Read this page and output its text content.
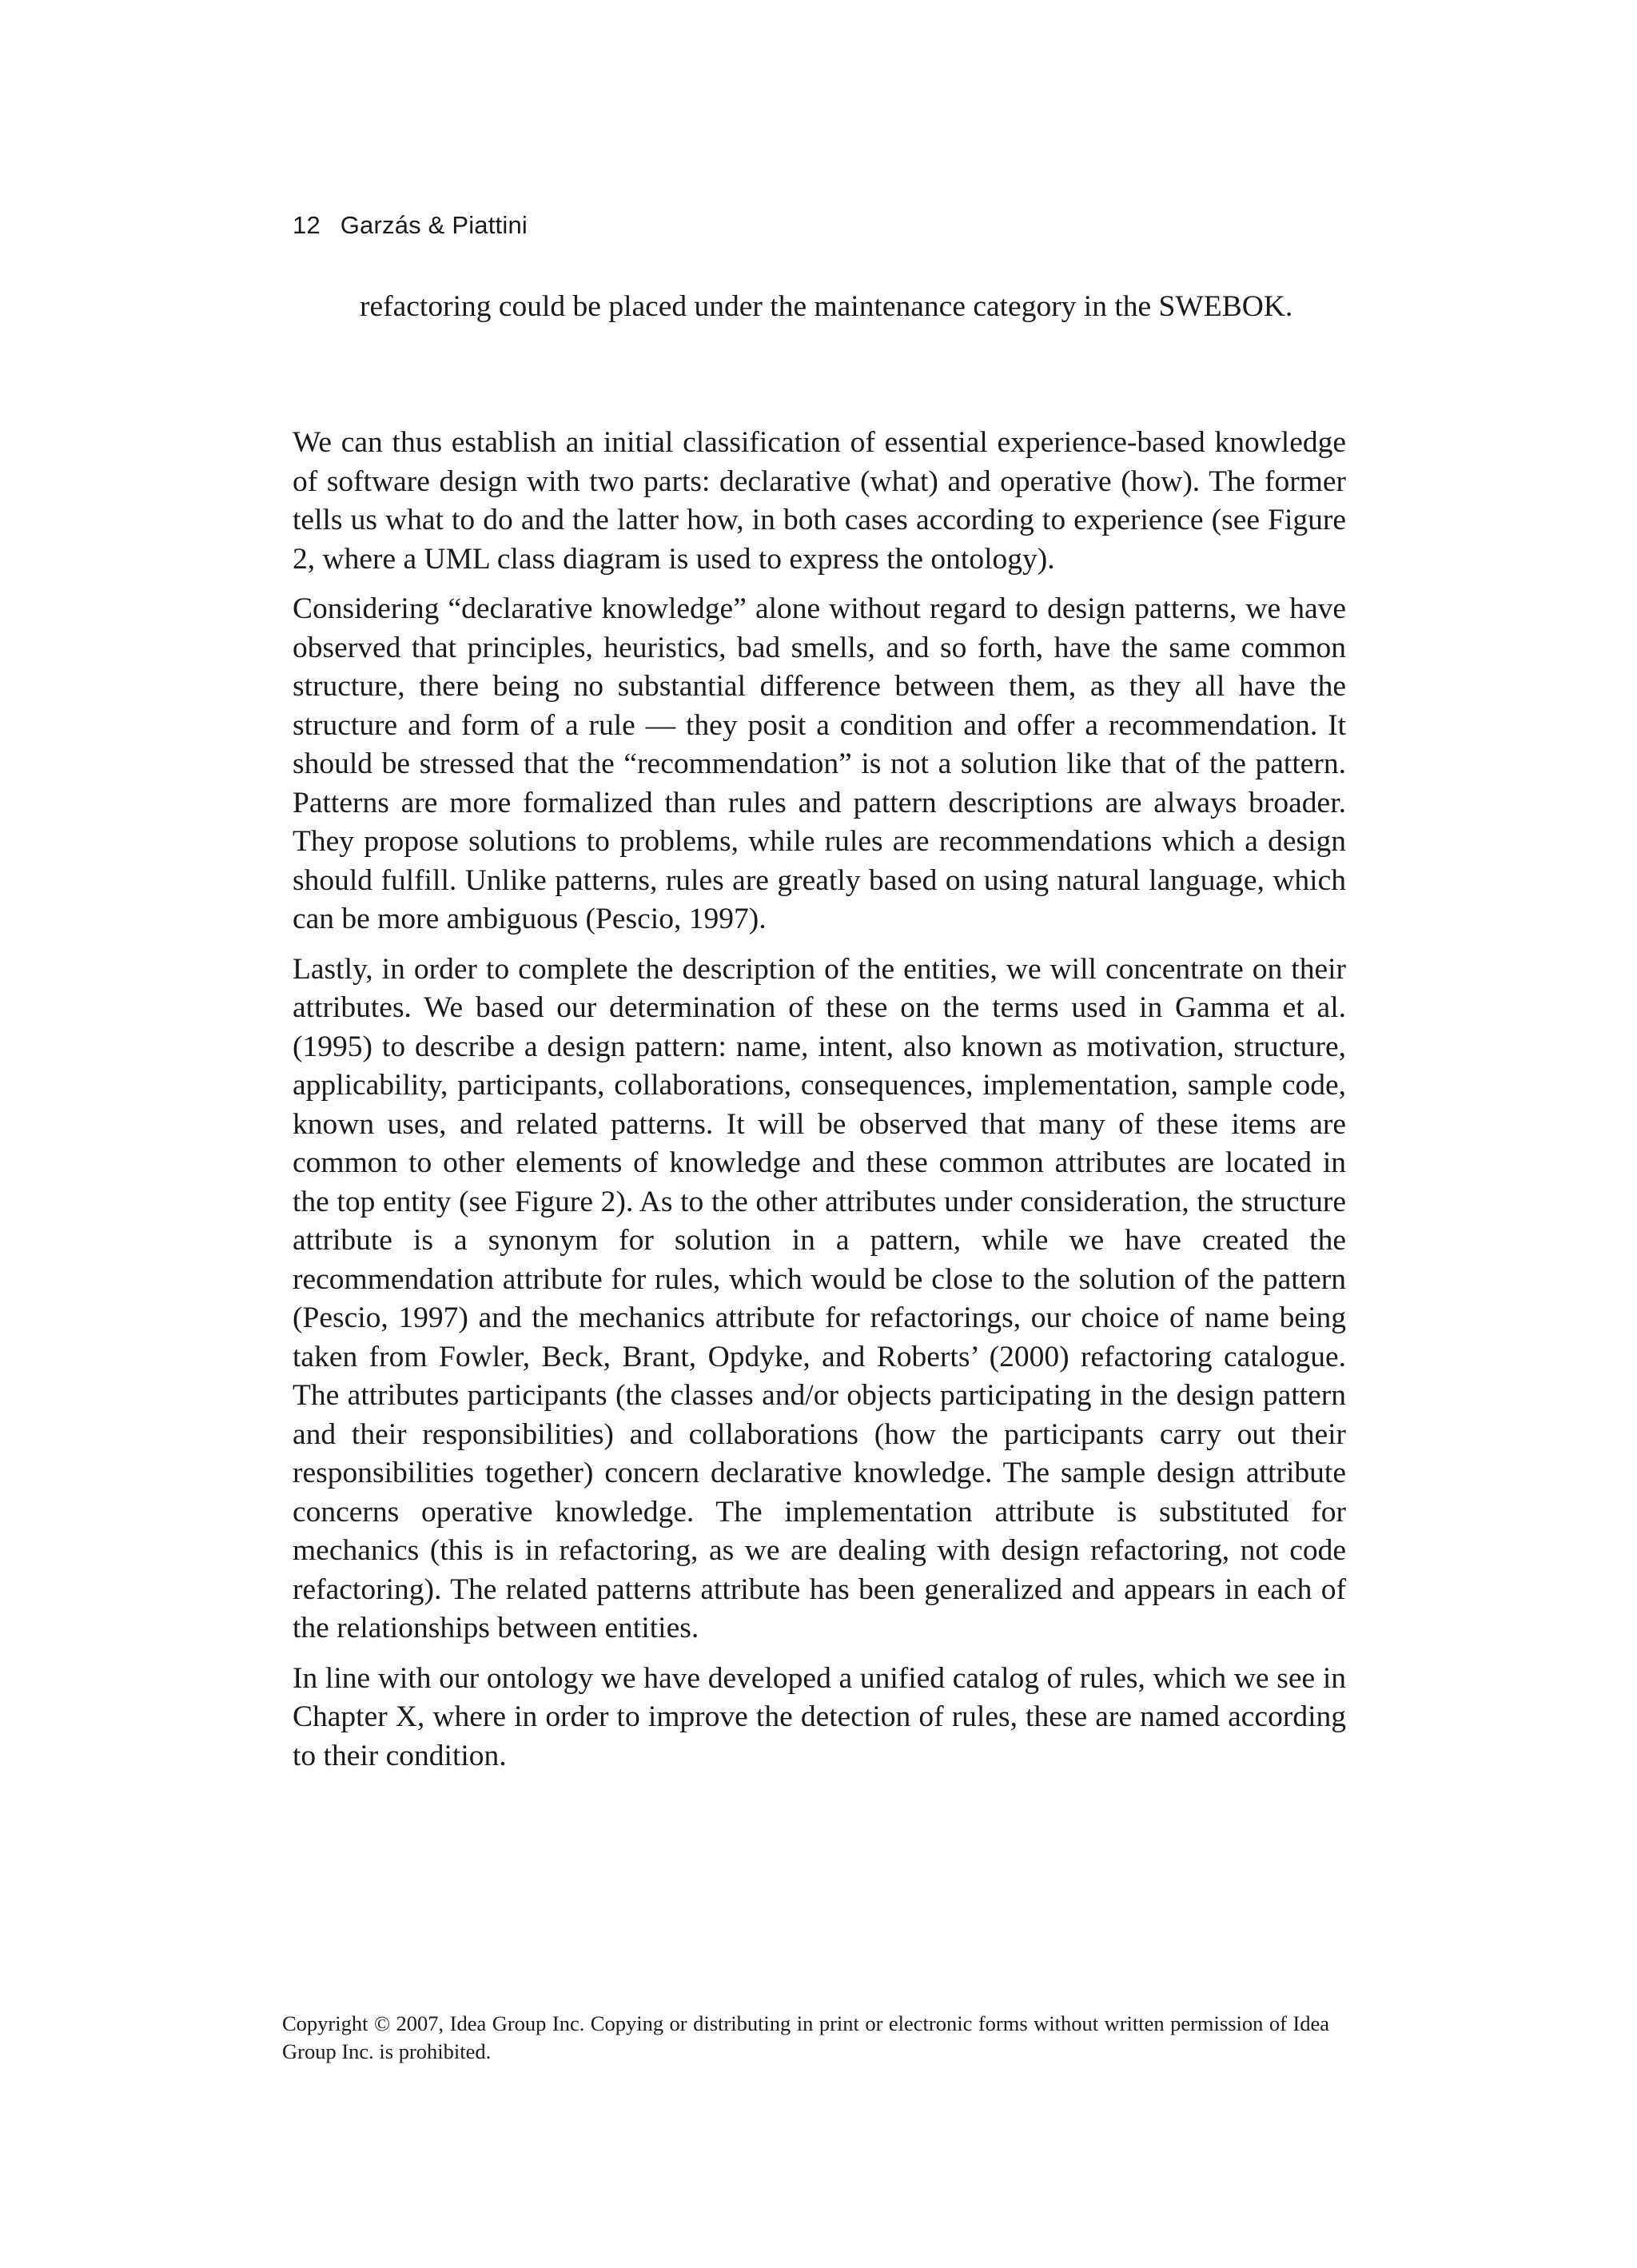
12 Garzás & Piattini

refactoring could be placed under the maintenance category in the SWEBOK.

We can thus establish an initial classification of essential experience-based knowledge of software design with two parts: declarative (what) and operative (how). The former tells us what to do and the latter how, in both cases according to experience (see Figure 2, where a UML class diagram is used to express the ontology).

Considering “declarative knowledge” alone without regard to design patterns, we have observed that principles, heuristics, bad smells, and so forth, have the same common structure, there being no substantial difference between them, as they all have the structure and form of a rule — they posit a condition and offer a recommendation. It should be stressed that the “recommendation” is not a solution like that of the pattern. Patterns are more formalized than rules and pattern descriptions are always broader. They propose solutions to problems, while rules are recommendations which a design should fulfill. Unlike patterns, rules are greatly based on using natural language, which can be more ambiguous (Pescio, 1997).

Lastly, in order to complete the description of the entities, we will concentrate on their attributes. We based our determination of these on the terms used in Gamma et al. (1995) to describe a design pattern: name, intent, also known as motivation, structure, applicability, participants, collaborations, consequences, implementation, sample code, known uses, and related patterns. It will be observed that many of these items are common to other elements of knowledge and these common attributes are located in the top entity (see Figure 2). As to the other attributes under consideration, the structure attribute is a synonym for solution in a pattern, while we have created the recommendation attribute for rules, which would be close to the solution of the pattern (Pescio, 1997) and the mechanics attribute for refactorings, our choice of name being taken from Fowler, Beck, Brant, Opdyke, and Roberts’ (2000) refactoring catalogue. The attributes participants (the classes and/or objects participating in the design pattern and their responsibilities) and collaborations (how the participants carry out their responsibilities together) concern declarative knowledge. The sample design attribute concerns operative knowledge. The implementation attribute is substituted for mechanics (this is in refactoring, as we are dealing with design refactoring, not code refactoring). The related patterns attribute has been generalized and appears in each of the relationships between entities.

In line with our ontology we have developed a unified catalog of rules, which we see in Chapter X, where in order to improve the detection of rules, these are named according to their condition.

Copyright © 2007, Idea Group Inc. Copying or distributing in print or electronic forms without written permission of Idea Group Inc. is prohibited.
